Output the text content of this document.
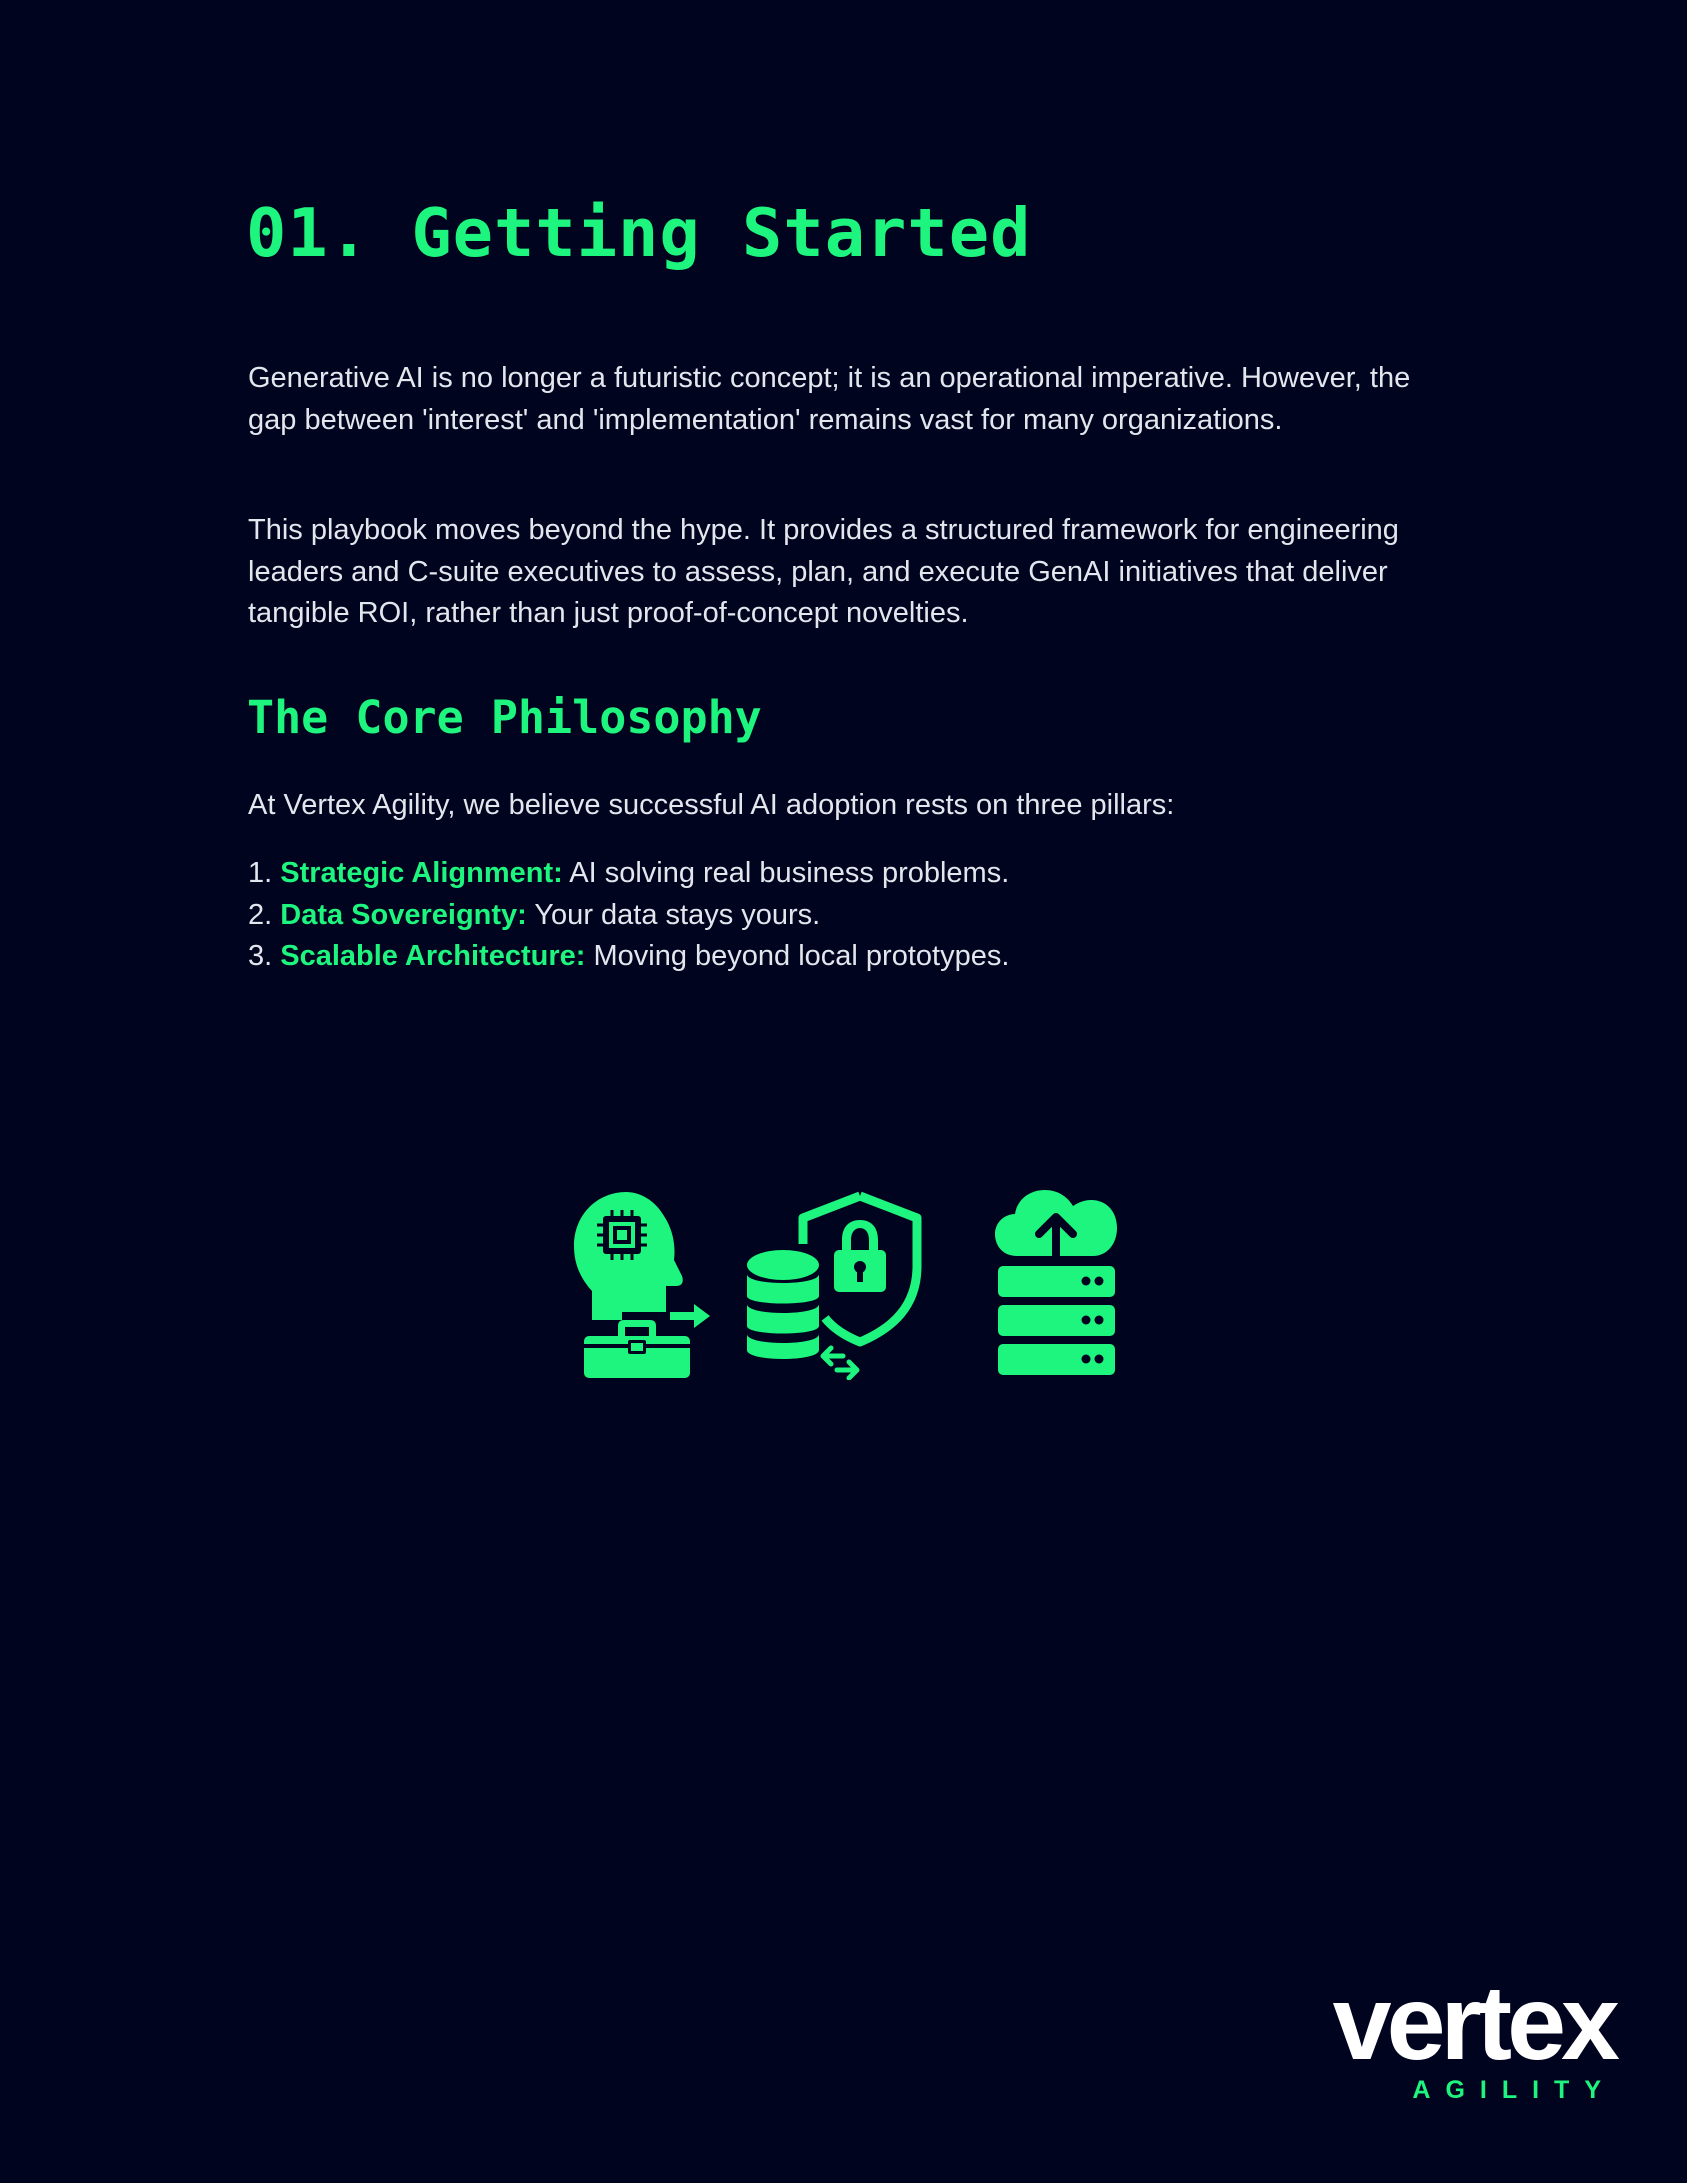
01. Getting Started

Generative AI is no longer a futuristic concept; it is an operational imperative. However, the gap between 'interest' and 'implementation' remains vast for many organizations.

This playbook moves beyond the hype. It provides a structured framework for engineering leaders and C-suite executives to assess, plan, and execute GenAI initiatives that deliver tangible ROI, rather than just proof-of-concept novelties.

The Core Philosophy

At Vertex Agility, we believe successful AI adoption rests on three pillars:

1. Strategic Alignment: AI solving real business problems.
2. Data Sovereignty: Your data stays yours.
3. Scalable Architecture: Moving beyond local prototypes.
vertex
AGILITY
